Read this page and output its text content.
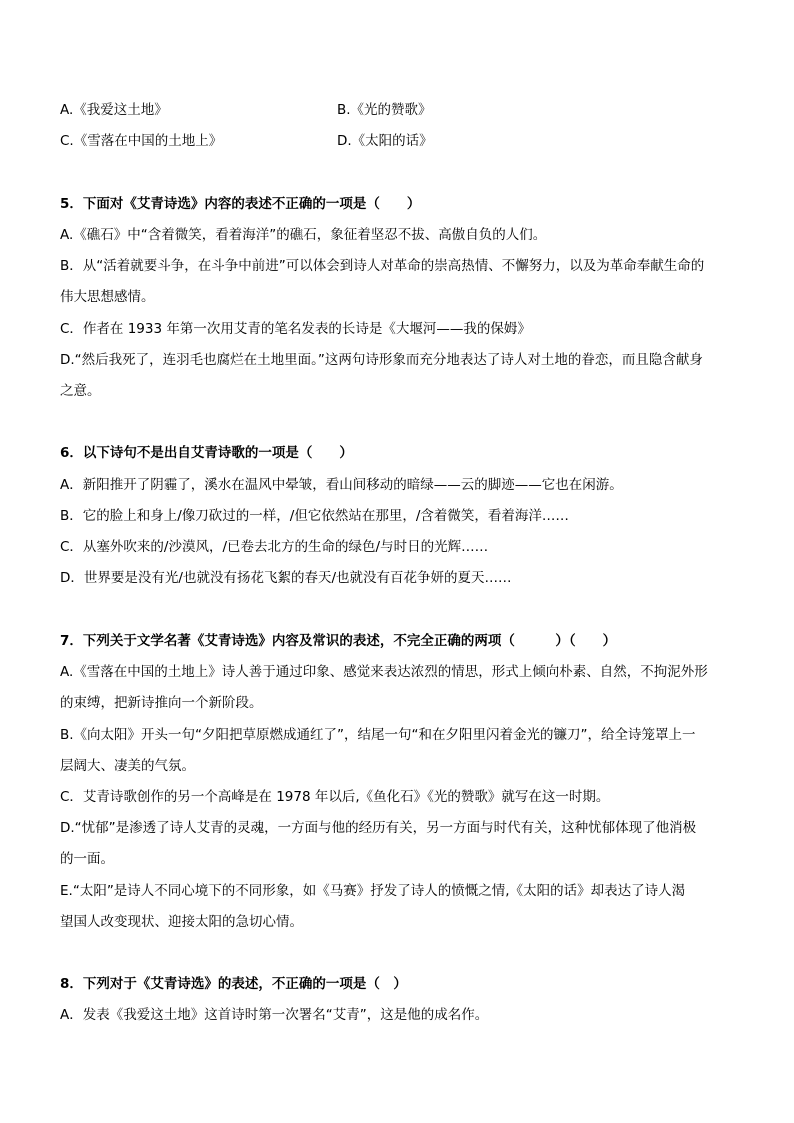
A.《我爱这土地》	B.《光的赞歌》
C.《雪落在中国的土地上》	D.《太阳的话》
5．下面对《艾青诗选》内容的表述不正确的一项是（　　）
A.《礁石》中“含着微笑，看着海洋”的礁石，象征着坚忍不拔、高傲自负的人们。
B．从“活着就要斗争，在斗争中前进”可以体会到诗人对革命的崇高热情、不懈努力，以及为革命奉献生命的
伟大思想感情。
C．作者在 1933 年第一次用艾青的笔名发表的长诗是《大堰河——我的保姆》
D.“然后我死了，连羽毛也腐烂在土地里面。”这两句诗形象而充分地表达了诗人对土地的眷恋，而且隐含献身
之意。
6．以下诗句不是出自艾青诗歌的一项是（　　）
A．新阳推开了阴霾了，溪水在温风中晕皱，看山间移动的暗绿——云的脚迹——它也在闲游。
B．它的脸上和身上/像刀砍过的一样，/但它依然站在那里，/含着微笑，看着海洋……
C．从塞外吹来的/沙漠风，/已卷去北方的生命的绿色/与时日的光辉……
D．世界要是没有光/也就没有扬花飞絮的春天/也就没有百花争妍的夏天……
7．下列关于文学名著《艾青诗选》内容及常识的表述，不完全正确的两项（　　　）（　　）
A.《雪落在中国的土地上》诗人善于通过印象、感觉来表达浓烈的情思，形式上倾向朴素、自然，不拘泥外形
的束缚，把新诗推向一个新阶段。
B.《向太阳》开头一句“夕阳把草原燃成通红了”，结尾一句“和在夕阳里闪着金光的镰刀”，给全诗笼罩上一
层阔大、凄美的气氛。
C．艾青诗歌创作的另一个高峰是在 1978 年以后,《鱼化石》《光的赞歌》就写在这一时期。
D.“忧郁”是渗透了诗人艾青的灵魂，一方面与他的经历有关，另一方面与时代有关，这种忧郁体现了他消极
的一面。
E.“太阳”是诗人不同心境下的不同形象，如《马赛》抒发了诗人的愤慨之情,《太阳的话》却表达了诗人渴
望国人改变现状、迎接太阳的急切心情。
8．下列对于《艾青诗选》的表述，不正确的一项是（　）
A．发表《我爱这土地》这首诗时第一次署名“艾青”，这是他的成名作。
